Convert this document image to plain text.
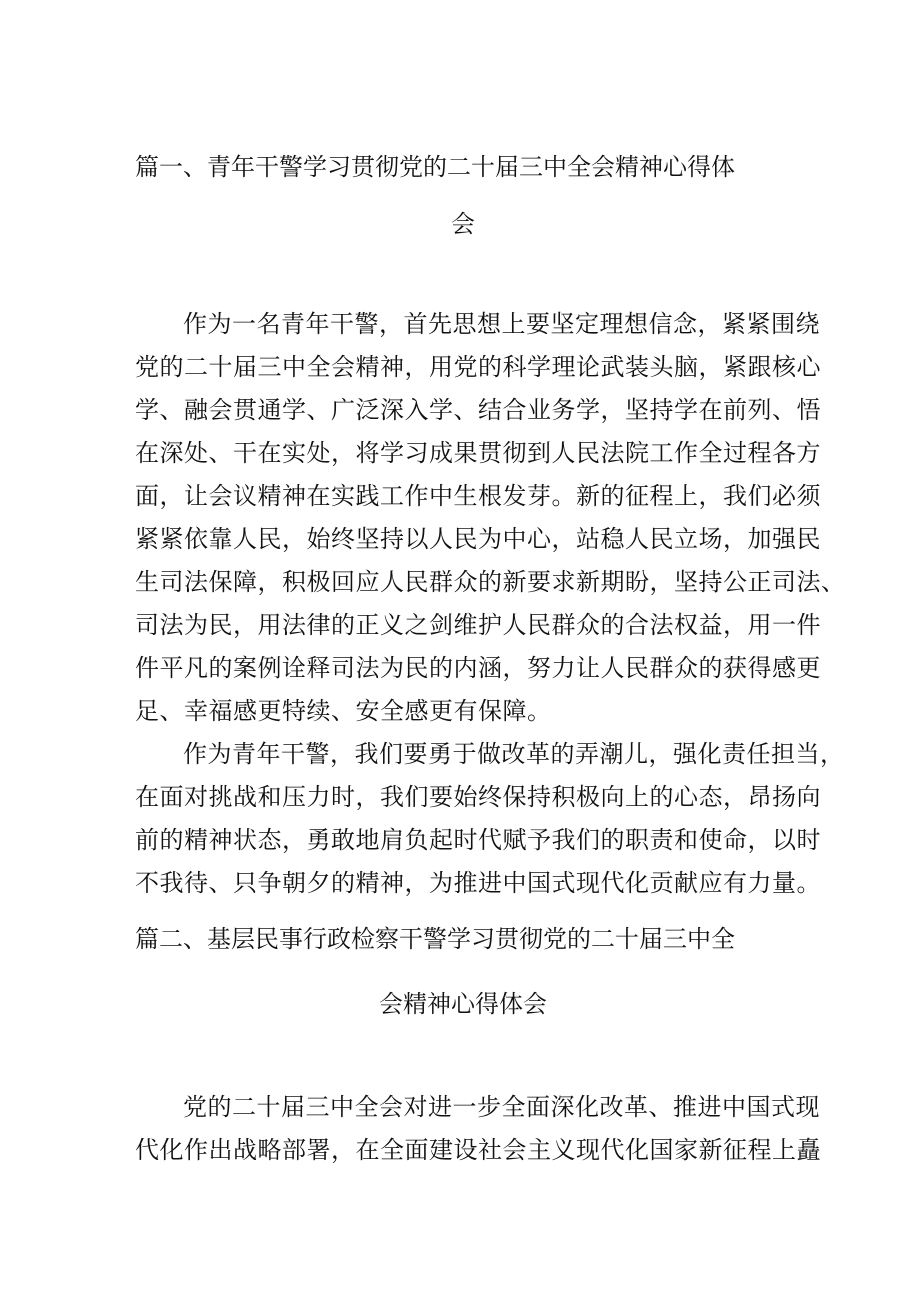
篇一、青年干警学习贯彻党的二十届三中全会精神心得体
会
作为一名青年干警，首先思想上要坚定理想信念，紧紧围绕
党的二十届三中全会精神，用党的科学理论武装头脑，紧跟核心
学、融会贯通学、广泛深入学、结合业务学，坚持学在前列、悟
在深处、干在实处，将学习成果贯彻到人民法院工作全过程各方
面，让会议精神在实践工作中生根发芽。新的征程上，我们必须
紧紧依靠人民，始终坚持以人民为中心，站稳人民立场，加强民
生司法保障，积极回应人民群众的新要求新期盼，坚持公正司法、
司法为民，用法律的正义之剑维护人民群众的合法权益，用一件
件平凡的案例诠释司法为民的内涵，努力让人民群众的获得感更
足、幸福感更特续、安全感更有保障。
作为青年干警，我们要勇于做改革的弄潮儿，强化责任担当，
在面对挑战和压力时，我们要始终保持积极向上的心态，昂扬向
前的精神状态，勇敢地肩负起时代赋予我们的职责和使命，以时
不我待、只争朝夕的精神，为推进中国式现代化贡献应有力量。
篇二、基层民事行政检察干警学习贯彻党的二十届三中全
会精神心得体会
党的二十届三中全会对进一步全面深化改革、推进中国式现
代化作出战略部署，在全面建设社会主义现代化国家新征程上矗
